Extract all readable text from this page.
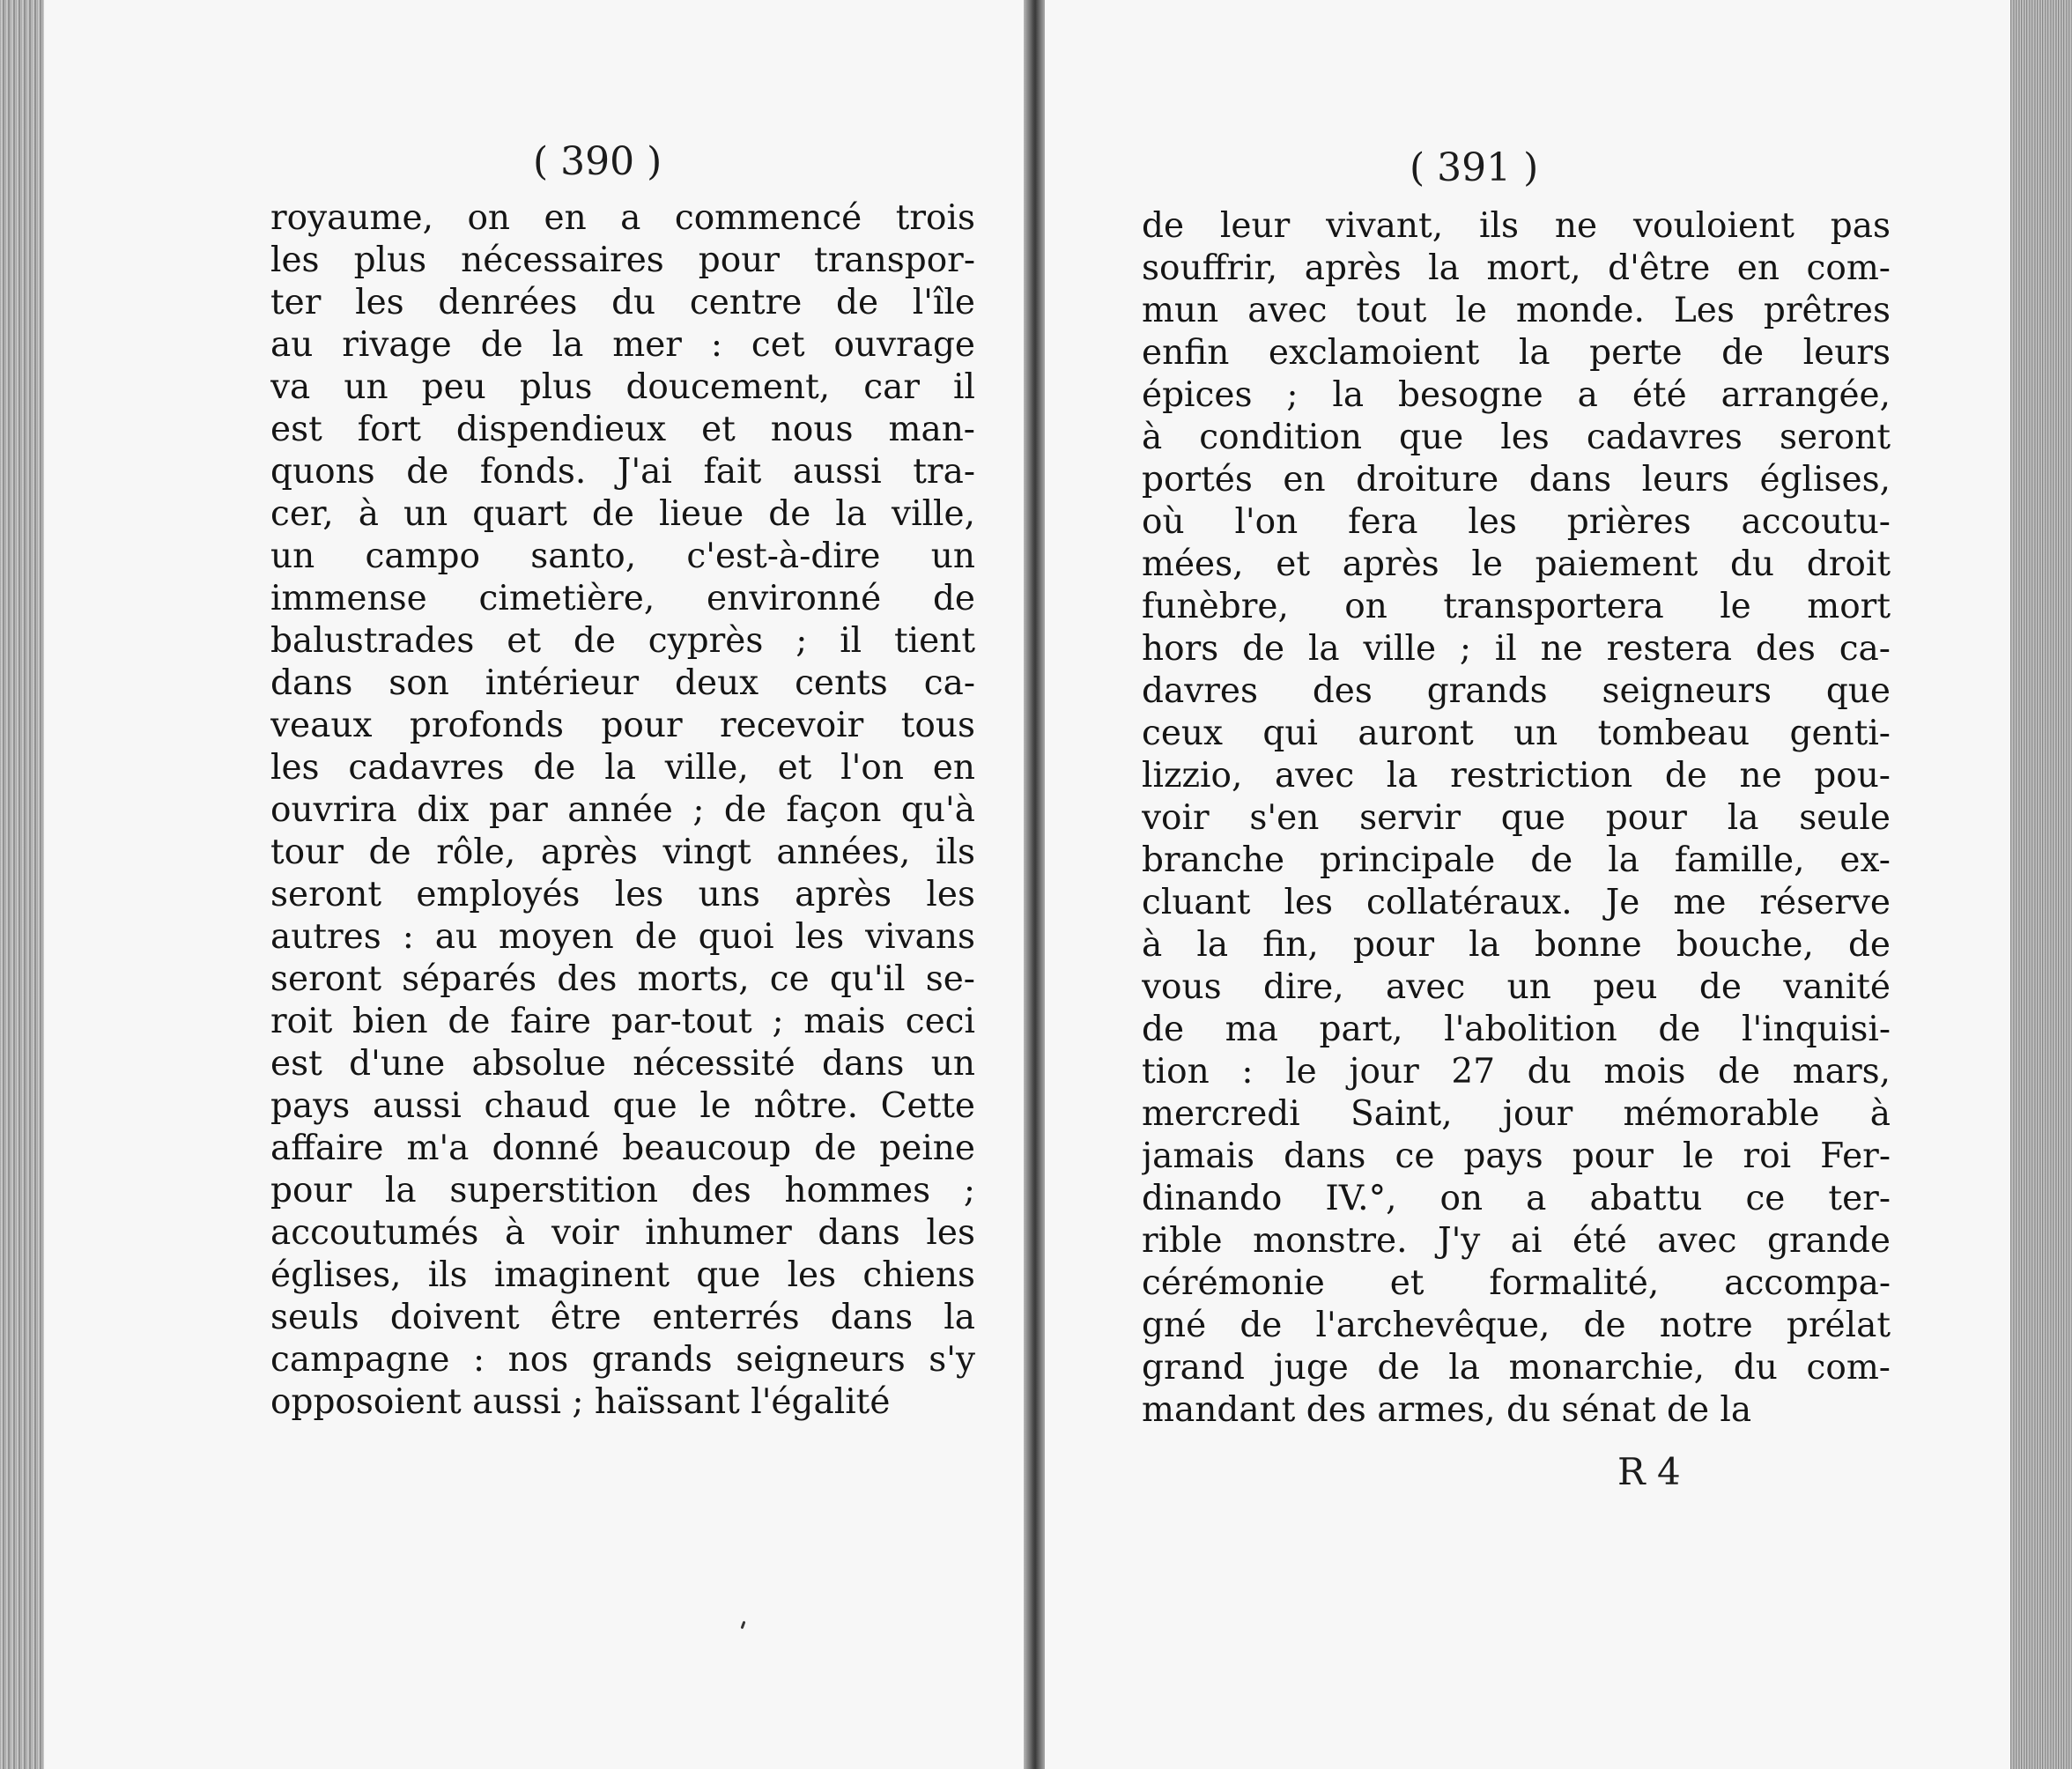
( 390 )
royaume, on en a commencé trois
les plus nécessaires pour transpor-
ter les denrées du centre de l'île
au rivage de la mer : cet ouvrage
va un peu plus doucement, car il
est fort dispendieux et nous man-
quons de fonds. J'ai fait aussi tra-
cer, à un quart de lieue de la ville,
un campo santo, c'est-à-dire un
immense cimetière, environné de
balustrades et de cyprès ; il tient
dans son intérieur deux cents ca-
veaux profonds pour recevoir tous
les cadavres de la ville, et l'on en
ouvrira dix par année ; de façon qu'à
tour de rôle, après vingt années, ils
seront employés les uns après les
autres : au moyen de quoi les vivans
seront séparés des morts, ce qu'il se-
roit bien de faire par-tout ; mais ceci
est d'une absolue nécessité dans un
pays aussi chaud que le nôtre. Cette
affaire m'a donné beaucoup de peine
pour la superstition des hommes ;
accoutumés à voir inhumer dans les
églises, ils imaginent que les chiens
seuls doivent être enterrés dans la
campagne : nos grands seigneurs s'y
opposoient aussi ; haïssant l'égalité
( 391 )
de leur vivant, ils ne vouloient pas
souffrir, après la mort, d'être en com-
mun avec tout le monde. Les prêtres
enfin exclamoient la perte de leurs
épices ; la besogne a été arrangée,
à condition que les cadavres seront
portés en droiture dans leurs églises,
où l'on fera les prières accoutu-
mées, et après le paiement du droit
funèbre, on transportera le mort
hors de la ville ; il ne restera des ca-
davres des grands seigneurs que
ceux qui auront un tombeau genti-
lizzio, avec la restriction de ne pou-
voir s'en servir que pour la seule
branche principale de la famille, ex-
cluant les collatéraux. Je me réserve
à la fin, pour la bonne bouche, de
vous dire, avec un peu de vanité
de ma part, l'abolition de l'inquisi-
tion : le jour 27 du mois de mars,
mercredi Saint, jour mémorable à
jamais dans ce pays pour le roi Fer-
dinando IV.°, on a abattu ce ter-
rible monstre. J'y ai été avec grande
cérémonie et formalité, accompa-
gné de l'archevêque, de notre prélat
grand juge de la monarchie, du com-
mandant des armes, du sénat de la
R 4
